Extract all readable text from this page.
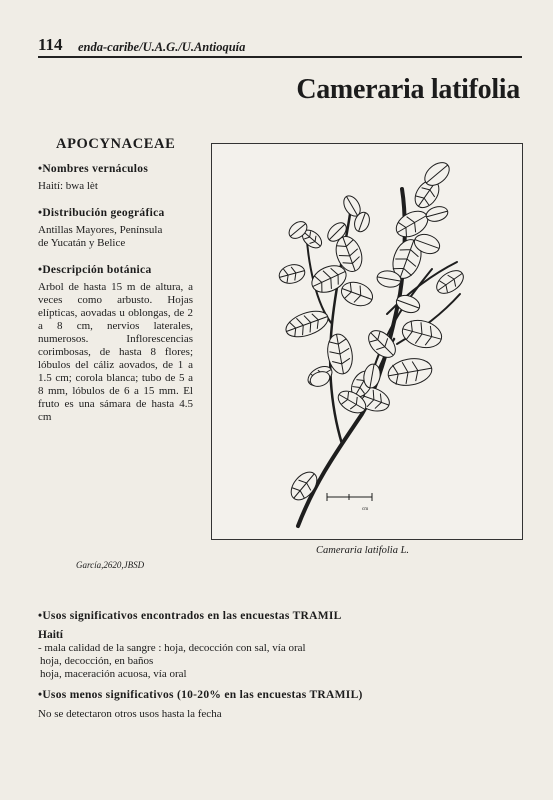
114 enda-caribe/U.A.G./U.Antioquía
Cameraria latifolia
APOCYNACEAE
•Nombres vernáculos
Haití: bwa lèt
•Distribución geográfica
Antillas Mayores, Península
de Yucatán y Belice
•Descripción botánica
Arbol de hasta 15 m de altura, a veces como arbusto. Hojas elípticas, aovadas u oblongas, de 2 a 8 cm, nervios laterales, numerosos. Inflorescencias corimbosas, de hasta 8 flores; lóbulos del cáliz aovados, de 1 a 1.5 cm; corola blanca; tubo de 5 a 8 mm, lóbulos de 6 a 15 mm. El fruto es una sámara de hasta 4.5 cm
cm
Cameraria latifolia L.
García,2620,JBSD
•Usos significativos encontrados en las encuestas TRAMIL
Haití
- mala calidad de la sangre : hoja, decocción con sal, vía oral
hoja, decocción, en baños
hoja, maceración acuosa, vía oral
•Usos menos significativos (10-20% en las encuestas TRAMIL)
No se detectaron otros usos hasta la fecha
